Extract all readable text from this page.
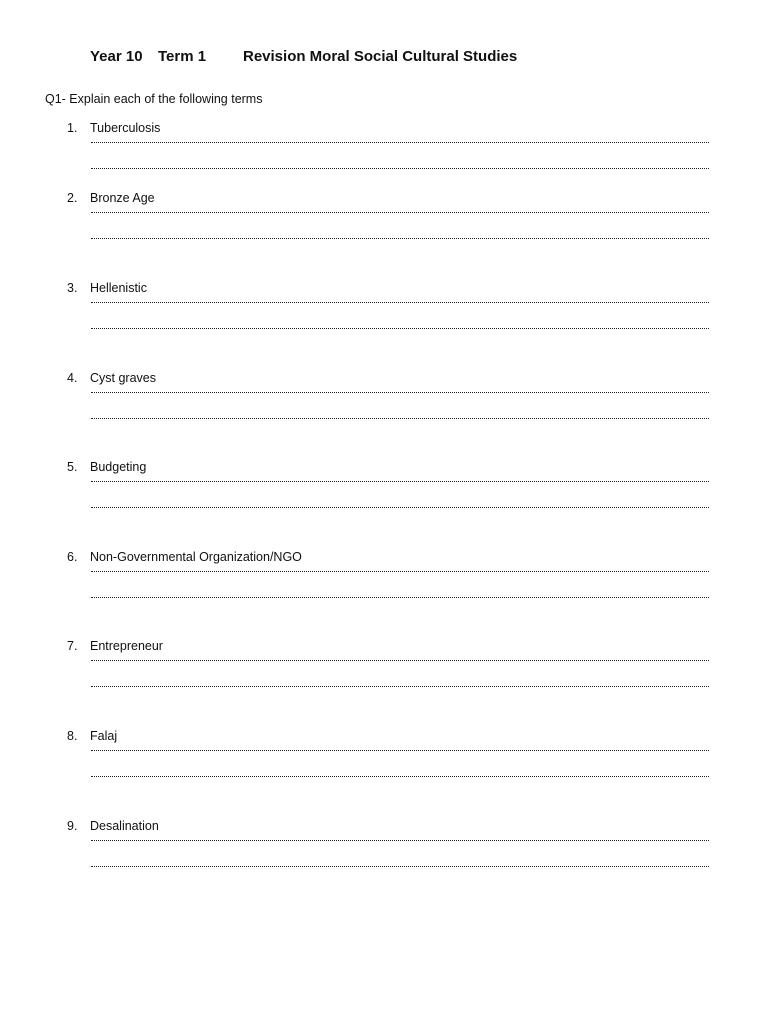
Year 10 Term 1 Revision Moral Social Cultural Studies
Q1- Explain each of the following terms
1. Tuberculosis
2. Bronze Age
3. Hellenistic
4. Cyst graves
5. Budgeting
6. Non-Governmental Organization/NGO
7. Entrepreneur
8. Falaj
9. Desalination
